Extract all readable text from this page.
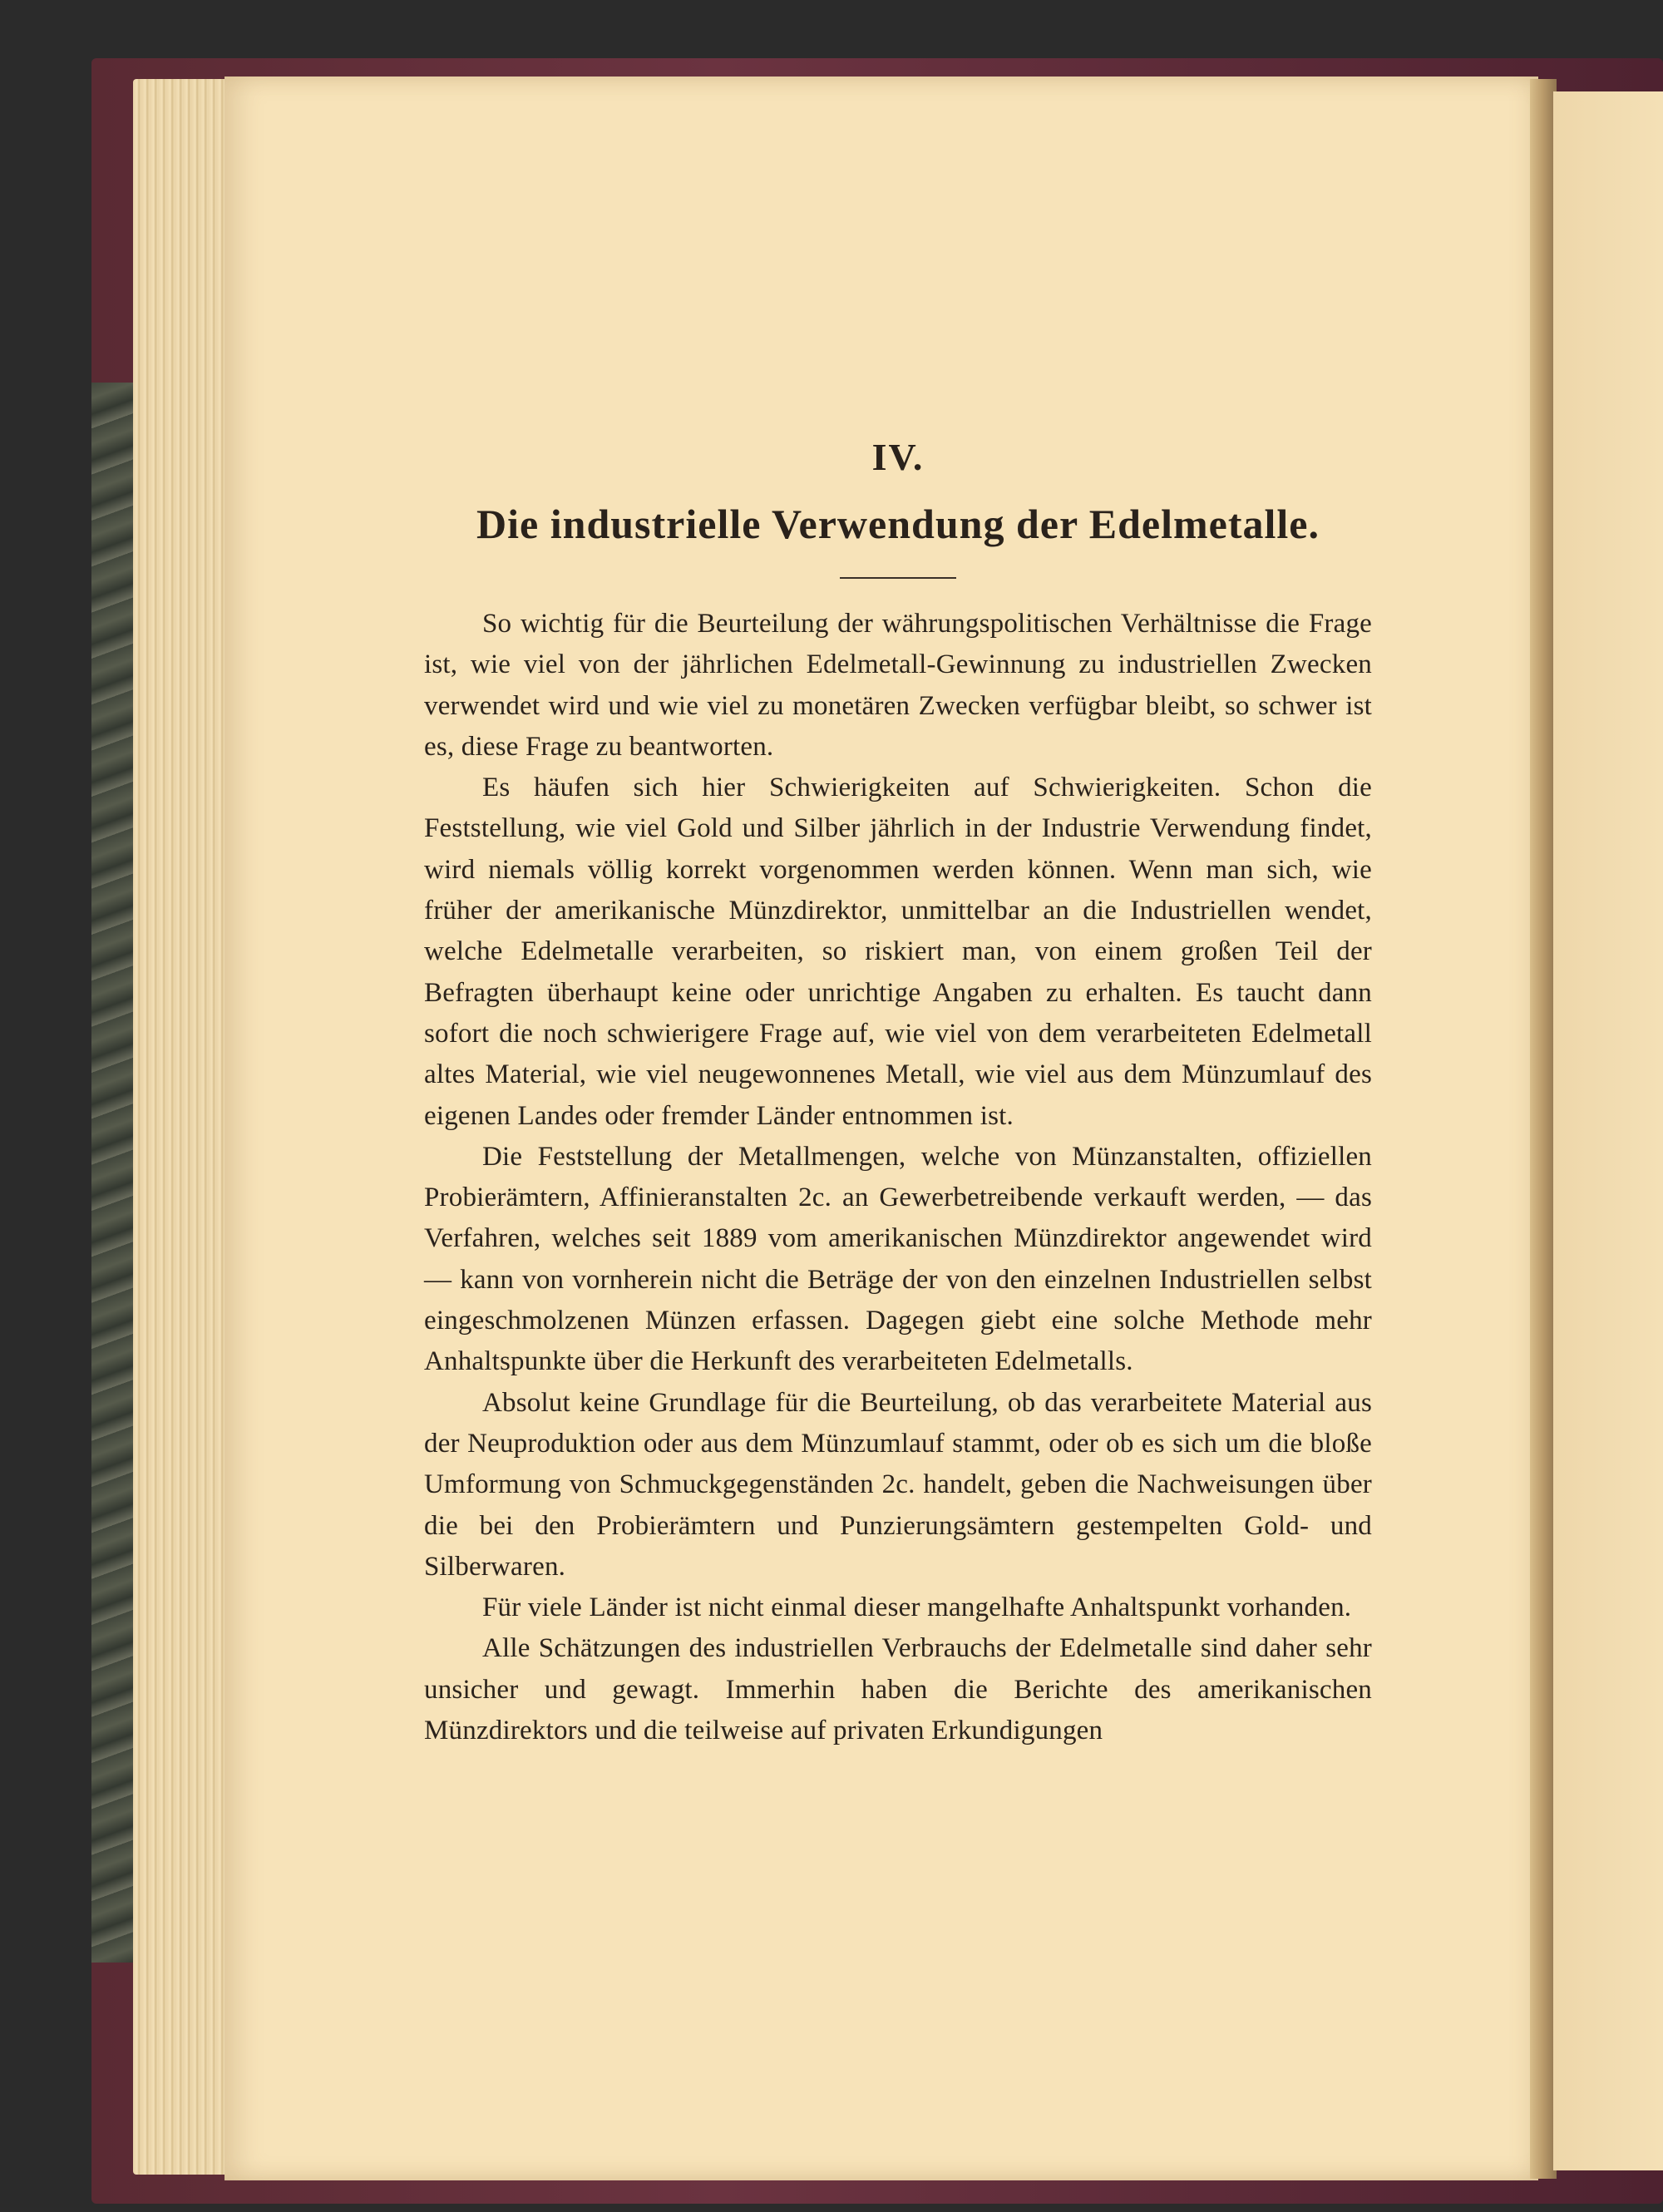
IV.
Die industrielle Verwendung der Edelmetalle.

So wichtig für die Beurteilung der währungspolitischen Verhältnisse die Frage ist, wie viel von der jährlichen Edelmetall-Gewinnung zu industriellen Zwecken verwendet wird und wie viel zu monetären Zwecken verfügbar bleibt, so schwer ist es, diese Frage zu beantworten.

Es häufen sich hier Schwierigkeiten auf Schwierigkeiten. Schon die Feststellung, wie viel Gold und Silber jährlich in der Industrie Verwendung findet, wird niemals völlig korrekt vorgenommen werden können. Wenn man sich, wie früher der amerikanische Münzdirektor, unmittelbar an die Industriellen wendet, welche Edelmetalle verarbeiten, so riskiert man, von einem großen Teil der Befragten überhaupt keine oder unrichtige Angaben zu erhalten. Es taucht dann sofort die noch schwierigere Frage auf, wie viel von dem verarbeiteten Edelmetall altes Material, wie viel neugewonnenes Metall, wie viel aus dem Münzumlauf des eigenen Landes oder fremder Länder entnommen ist.

Die Feststellung der Metallmengen, welche von Münzanstalten, offiziellen Probierämtern, Affinieranstalten 2c. an Gewerbetreibende verkauft werden, — das Verfahren, welches seit 1889 vom amerikanischen Münzdirektor angewendet wird — kann von vornherein nicht die Beträge der von den einzelnen Industriellen selbst eingeschmolzenen Münzen erfassen. Dagegen giebt eine solche Methode mehr Anhaltspunkte über die Herkunft des verarbeiteten Edelmetalls.

Absolut keine Grundlage für die Beurteilung, ob das verarbeitete Material aus der Neuproduktion oder aus dem Münzumlauf stammt, oder ob es sich um die bloße Umformung von Schmuckgegenständen 2c. handelt, geben die Nachweisungen über die bei den Probierämtern und Punzierungsämtern gestempelten Gold- und Silberwaren.

Für viele Länder ist nicht einmal dieser mangelhafte Anhaltspunkt vorhanden.

Alle Schätzungen des industriellen Verbrauchs der Edelmetalle sind daher sehr unsicher und gewagt. Immerhin haben die Berichte des amerikanischen Münzdirektors und die teilweise auf privaten Erkundigungen
